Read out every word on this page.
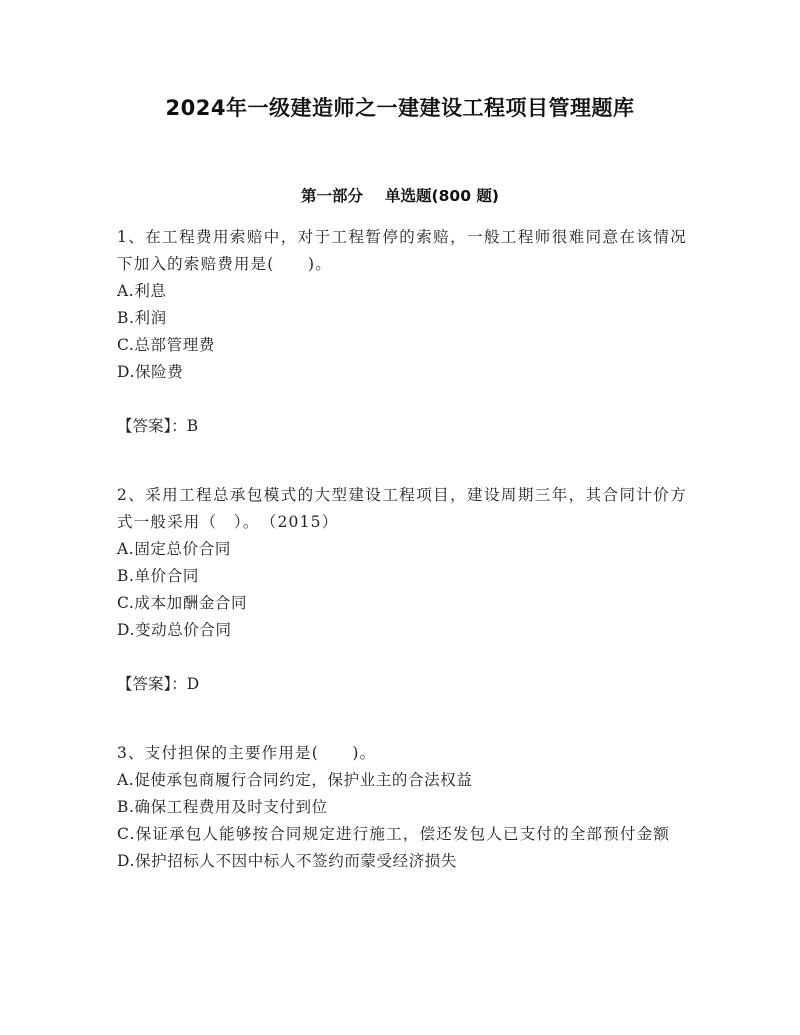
2024年一级建造师之一建建设工程项目管理题库
第一部分 单选题(800 题)
1、在工程费用索赔中，对于工程暂停的索赔，一般工程师很难同意在该情况下加入的索赔费用是(　　)。
A.利息
B.利润
C.总部管理费
D.保险费
【答案】：B
2、采用工程总承包模式的大型建设工程项目，建设周期三年，其合同计价方式一般采用（　）。　（2015）
A.固定总价合同
B.单价合同
C.成本加酬金合同
D.变动总价合同
【答案】：D
3、支付担保的主要作用是(　　)。
A.促使承包商履行合同约定，保护业主的合法权益
B.确保工程费用及时支付到位
C.保证承包人能够按合同规定进行施工，偿还发包人已支付的全部预付金额
D.保护招标人不因中标人不签约而蒙受经济损失
